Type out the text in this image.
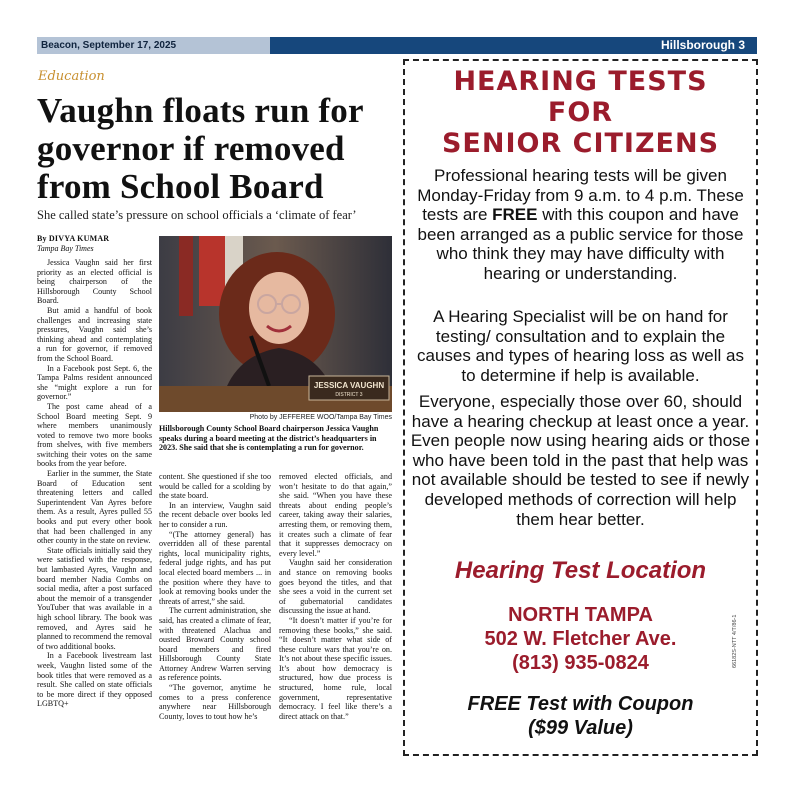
Beacon, September 17, 2025	Hillsborough 3
Education
Vaughn floats run for governor if removed from School Board
She called state’s pressure on school officials a ‘climate of fear’
By DIVYA KUMAR
Tampa Bay Times

Jessica Vaughn said her first priority as an elected official is being chairperson of the Hillsborough County School Board.

But amid a handful of book challenges and increasing state pressures, Vaughn said she’s thinking ahead and contemplating a run for governor, if removed from the School Board.

In a Facebook post Sept. 6, the Tampa Palms resident announced she “might explore a run for governor.”

The post came ahead of a School Board meeting Sept. 9 where members unanimously voted to remove two more books from shelves, with five members switching their votes on the same books from the year before.

Earlier in the summer, the State Board of Education sent threatening letters and called Superintendent Van Ayres before them. As a result, Ayres pulled 55 books and put every other book that had been challenged in any other county in the state on review.

State officials initially said they were satisfied with the response, but lambasted Ayres, Vaughn and board member Nadia Combs on social media, after a post surfaced about the memoir of a transgender YouTuber that was available in a high school library. The book was removed, and Ayres said he planned to recommend the removal of two additional books.

In a Facebook livestream last week, Vaughn listed some of the book titles that were removed as a result. She called on state officials to be more direct if they opposed LGBTQ+

JESSICA VAUGHN
DISTRICT 3
Photo by JEFFEREE WOO/Tampa Bay Times
Hillsborough County School Board chairperson Jessica Vaughn speaks during a board meeting at the district’s headquarters in 2023. She said that she is contemplating a run for governor.

content. She questioned if she too would be called for a scolding by the state board.

In an interview, Vaughn said the recent debacle over books led her to consider a run.

“(The attorney general) has overridden all of these parental rights, local municipality rights, federal judge rights, and has put local elected board members ... in the position where they have to look at removing books under the threats of arrest,” she said.

The current administration, she said, has created a climate of fear, with threatened Alachua and ousted Broward County school board members and fired Hillsborough County State Attorney Andrew Warren serving as reference points.

“The governor, anytime he comes to a press conference anywhere near Hillsborough County, loves to tout how he’s

removed elected officials, and won’t hesitate to do that again,” she said. “When you have these threats about ending people’s career, taking away their salaries, arresting them, or removing them, it creates such a climate of fear that it suppresses democracy on every level.”

Vaughn said her consideration and stance on removing books goes beyond the titles, and that she sees a void in the current set of gubernatorial candidates discussing the issue at hand.

“It doesn’t matter if you’re for removing these books,” she said. “It doesn’t matter what side of these culture wars that you’re on. It’s not about these specific issues. It’s about how democracy is structured, how due process is structured, home rule, local government, representative democracy. I feel like there’s a direct attack on that.”

HEARING TESTS
FOR
SENIOR CITIZENS
Professional hearing tests will be given Monday-Friday from 9 a.m. to 4 p.m. These tests are FREE with this coupon and have been arranged as a public service for those who think they may have difficulty with hearing or understanding.
A Hearing Specialist will be on hand for testing/ consultation and to explain the causes and types of hearing loss as well as to determine if help is available.
Everyone, especially those over 60, should have a hearing checkup at least once a year. Even people now using hearing aids or those who have been told in the past that help was not available should be tested to see if newly developed methods of correction will help them hear better.
Hearing Test Location
NORTH TAMPA
502 W. Fletcher Ave.
(813) 935-0824
FREE Test with Coupon
($99 Value)
66182S-NTT 4/T/86-1
